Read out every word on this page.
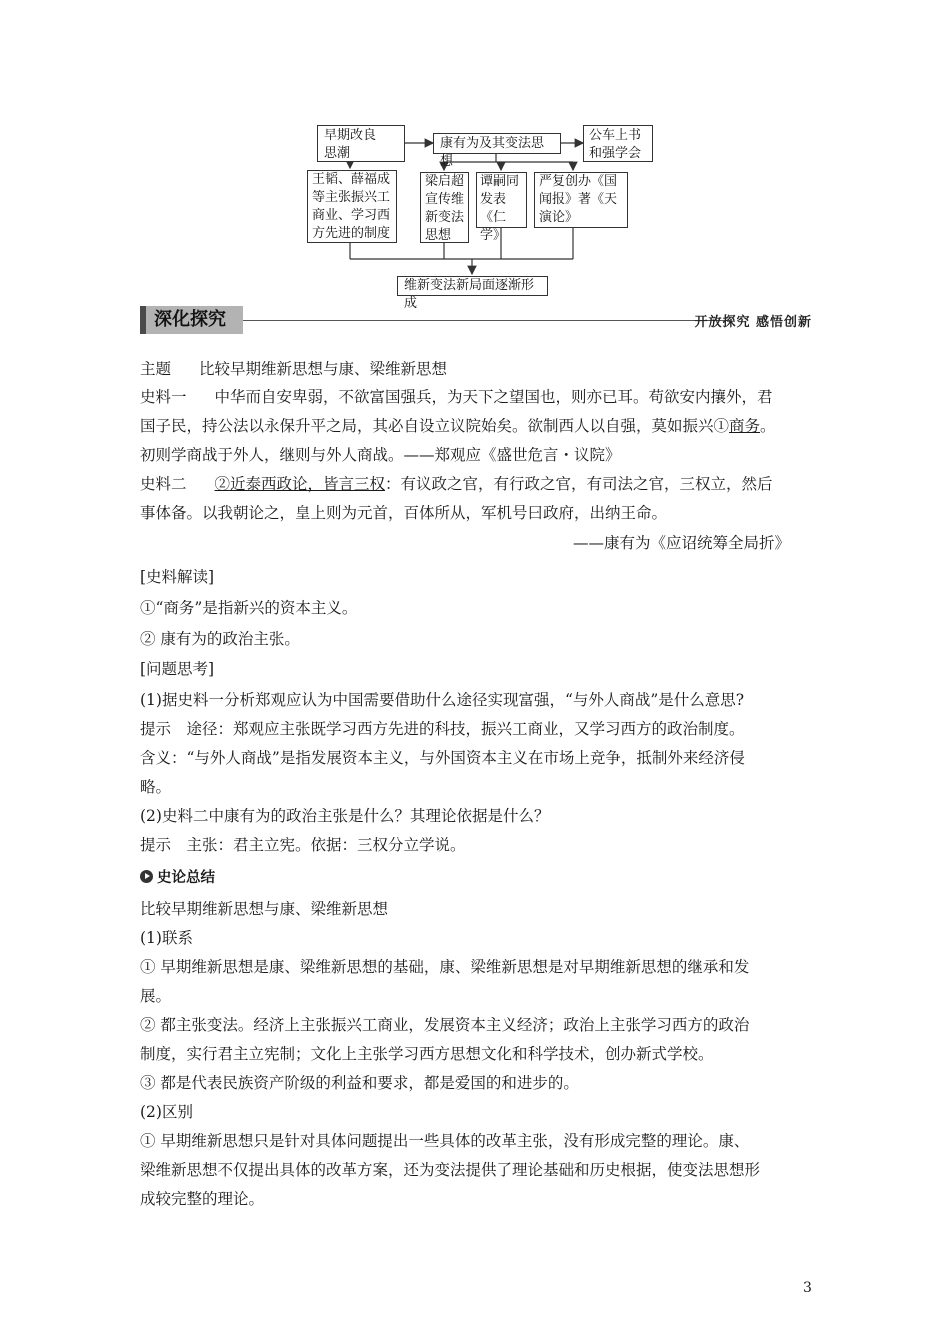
早期改良
思潮
康有为及其变法思想
公车上书
和强学会
王韬、薛福成
等主张振兴工
商业、学习西
方先进的制度
梁启超
宣传维
新变法
思想
谭嗣同
发表
《仁学》
严复创办《国
闻报》著《天
演论》
维新变法新局面逐渐形成
深化探究	开放探究 感悟创新
主题 比较早期维新思想与康、梁维新思想
史料一 中华而自安卑弱，不欲富国强兵，为天下之望国也，则亦已耳。苟欲安内攘外，君
国子民，持公法以永保升平之局，其必自设立议院始矣。欲制西人以自强，莫如振兴①商务。
初则学商战于外人，继则与外人商战。——郑观应《盛世危言・议院》
史料二 ②近泰西政论，皆言三权：有议政之官，有行政之官，有司法之官，三权立，然后
事体备。以我朝论之，皇上则为元首，百体所从，军机号曰政府，出纳王命。
——康有为《应诏统筹全局折》
[史料解读]
①“商务”是指新兴的资本主义。
② 康有为的政治主张。
[问题思考]
(1)据史料一分析郑观应认为中国需要借助什么途径实现富强，“与外人商战”是什么意思?
提示　途径：郑观应主张既学习西方先进的科技，振兴工商业，又学习西方的政治制度。
含义：“与外人商战”是指发展资本主义，与外国资本主义在市场上竞争，抵制外来经济侵
略。
(2)史料二中康有为的政治主张是什么？其理论依据是什么？
提示　主张：君主立宪。依据：三权分立学说。
史论总结
比较早期维新思想与康、梁维新思想
(1)联系
① 早期维新思想是康、梁维新思想的基础，康、梁维新思想是对早期维新思想的继承和发
展。
② 都主张变法。经济上主张振兴工商业，发展资本主义经济；政治上主张学习西方的政治
制度，实行君主立宪制；文化上主张学习西方思想文化和科学技术，创办新式学校。
③ 都是代表民族资产阶级的利益和要求，都是爱国的和进步的。
(2)区别
① 早期维新思想只是针对具体问题提出一些具体的改革主张，没有形成完整的理论。康、
梁维新思想不仅提出具体的改革方案，还为变法提供了理论基础和历史根据，使变法思想形
成较完整的理论。
3
